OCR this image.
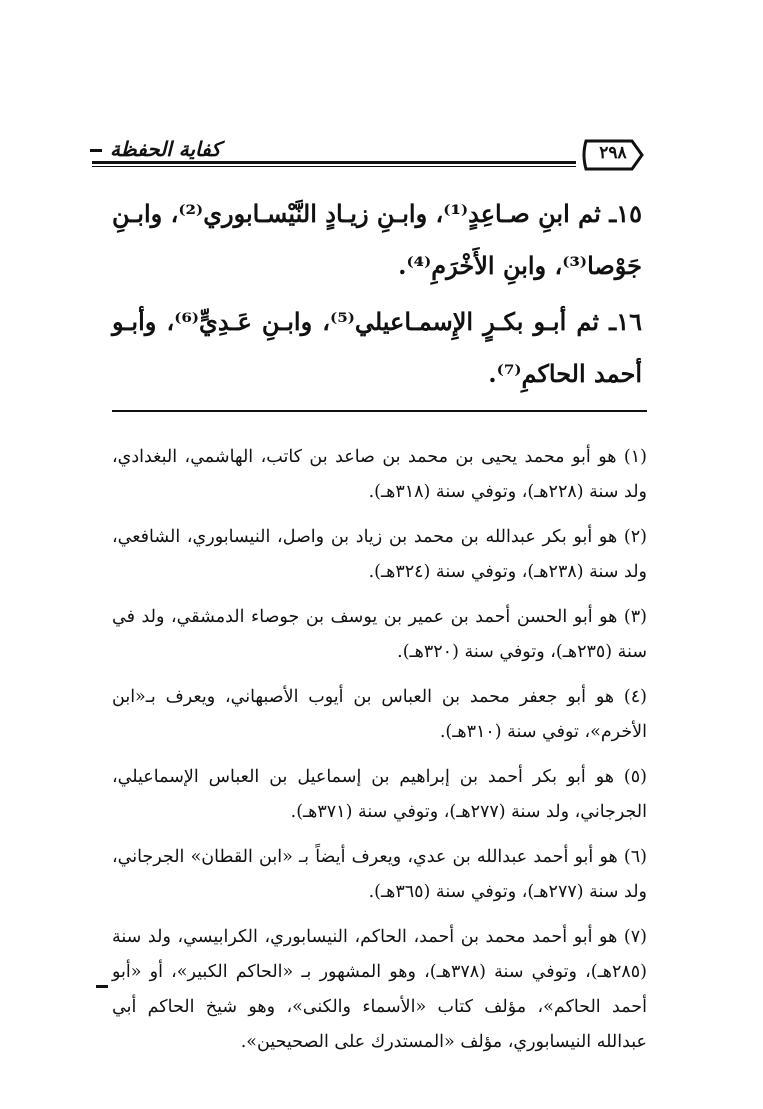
كفاية الحفظة	٢٩٨

١٥ـ ثم ابنِ صـاعِدٍ⁽¹⁾، وابـنِ زيـادٍ النَّيْسـابوري⁽²⁾، وابـنِ جَوْصا⁽³⁾، وابنِ الأَخْرَمِ⁽⁴⁾.

١٦ـ ثم أبـو بكـرٍ الإِسمـاعيلي⁽⁵⁾، وابـنِ عَـدِيٍّ⁽⁶⁾، وأبـو أحمد الحاكمِ⁽⁷⁾.

(١) هو أبو محمد يحيى بن محمد بن صاعد بن كاتب، الهاشمي، البغدادي، ولد سنة (٢٢٨هـ)، وتوفي سنة (٣١٨هـ).

(٢) هو أبو بكر عبدالله بن محمد بن زياد بن واصل، النيسابوري، الشافعي، ولد سنة (٢٣٨هـ)، وتوفي سنة (٣٢٤هـ).

(٣) هو أبو الحسن أحمد بن عمير بن يوسف بن جوصاء الدمشقي، ولد في سنة (٢٣٥هـ)، وتوفي سنة (٣٢٠هـ).

(٤) هو أبو جعفر محمد بن العباس بن أيوب الأصبهاني، ويعرف بـ«ابن الأخرم»، توفي سنة (٣١٠هـ).

(٥) هو أبو بكر أحمد بن إبراهيم بن إسماعيل بن العباس الإسماعيلي، الجرجاني، ولد سنة (٢٧٧هـ)، وتوفي سنة (٣٧١هـ).

(٦) هو أبو أحمد عبدالله بن عدي، ويعرف أيضاً بـ «ابن القطان» الجرجاني، ولد سنة (٢٧٧هـ)، وتوفي سنة (٣٦٥هـ).

(٧) هو أبو أحمد محمد بن أحمد، الحاكم، النيسابوري، الكرابيسي، ولد سنة (٢٨٥هـ)، وتوفي سنة (٣٧٨هـ)، وهو المشهور بـ «الحاكم الكبير»، أو «أبو أحمد الحاكم»، مؤلف كتاب «الأسماء والكنى»، وهو شيخ الحاكم أبي عبدالله النيسابوري، مؤلف «المستدرك على الصحيحين».
